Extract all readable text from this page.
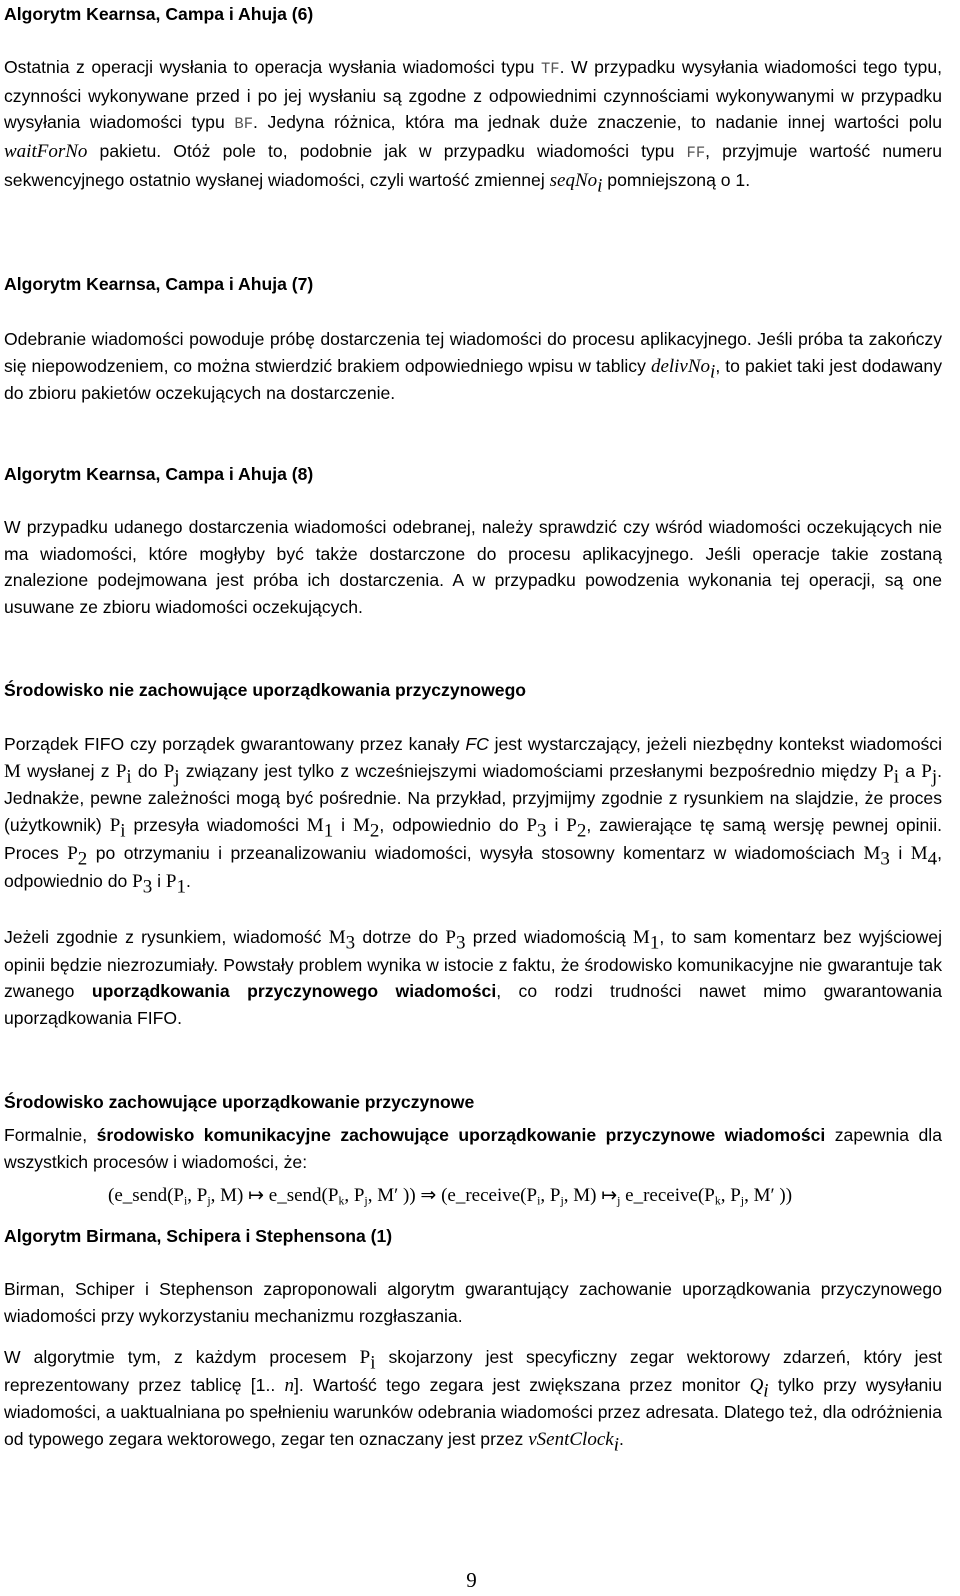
Algorytm Kearnsa, Campa i Ahuja (6)

Ostatnia z operacji wysłania to operacja wysłania wiadomości typu TF. W przypadku wysyłania wiadomości tego typu, czynności wykonywane przed i po jej wysłaniu są zgodne z odpowiednimi czynnościami wykonywanymi w przypadku wysyłania wiadomości typu BF. Jedyna różnica, która ma jednak duże znaczenie, to nadanie innej wartości polu waitForNo pakietu. Otóż pole to, podobnie jak w przypadku wiadomości typu FF, przyjmuje wartość numeru sekwencyjnego ostatnio wysłanej wiadomości, czyli wartość zmiennej seqNo$_i$ pomniejszoną o 1.

Algorytm Kearnsa, Campa i Ahuja (7)

Odebranie wiadomości powoduje próbę dostarczenia tej wiadomości do procesu aplikacyjnego. Jeśli próba ta zakończy się niepowodzeniem, co można stwierdzić brakiem odpowiedniego wpisu w tablicy delivNo$_i$, to pakiet taki jest dodawany do zbioru pakietów oczekujących na dostarczenie.

Algorytm Kearnsa, Campa i Ahuja (8)

W przypadku udanego dostarczenia wiadomości odebranej, należy sprawdzić czy wśród wiadomości oczekujących nie ma wiadomości, które mogłyby być także dostarczone do procesu aplikacyjnego. Jeśli operacje takie zostaną znalezione podejmowana jest próba ich dostarczenia. A w przypadku powodzenia wykonania tej operacji, są one usuwane ze zbioru wiadomości oczekujących.

Środowisko nie zachowujące uporządkowania przyczynowego

Porządek FIFO czy porządek gwarantowany przez kanały FC jest wystarczający, jeżeli niezbędny kontekst wiadomości M wysłanej z $P_i$ do $P_j$ związany jest tylko z wcześniejszymi wiadomościami przesłanymi bezpośrednio między $P_i$ a $P_j$. Jednakże, pewne zależności mogą być pośrednie. Na przykład, przyjmijmy zgodnie z rysunkiem na slajdzie, że proces (użytkownik) $P_i$ przesyła wiadomości $M_1$ i $M_2$, odpowiednio do $P_3$ i $P_2$, zawierające tę samą wersję pewnej opinii. Proces $P_2$ po otrzymaniu i przeanalizowaniu wiadomości, wysyła stosowny komentarz w wiadomościach $M_3$ i $M_4$, odpowiednio do $P_3$ i $P_1$.

Jeżeli zgodnie z rysunkiem, wiadomość $M_3$ dotrze do $P_3$ przed wiadomością $M_1$, to sam komentarz bez wyjściowej opinii będzie niezrozumiały. Powstały problem wynika w istocie z faktu, że środowisko komunikacyjne nie gwarantuje tak zwanego uporządkowania przyczynowego wiadomości, co rodzi trudności nawet mimo gwarantowania uporządkowania FIFO.

Środowisko zachowujące uporządkowanie przyczynowe

Formalnie, środowisko komunikacyjne zachowujące uporządkowanie przyczynowe wiadomości zapewnia dla wszystkich procesów i wiadomości, że:

($e\_send(P_i$, $P_j$, M) ↦ $e\_send(P_k$, $P_j$, M′ )) ⇒ ($e\_receive(P_i$, $P_j$, M) $↦_j$ $e\_receive(P_k$, $P_j$, M′ ))
Algorytm Birmana, Schipera i Stephensona (1)

Birman, Schiper i Stephenson zaproponowali algorytm gwarantujący zachowanie uporządkowania przyczynowego wiadomości przy wykorzystaniu mechanizmu rozgłaszania.

W algorytmie tym, z każdym procesem $P_i$ skojarzony jest specyficzny zegar wektorowy zdarzeń, który jest reprezentowany przez tablicę [1.. n]. Wartość tego zegara jest zwiększana przez monitor $Q_i$ tylko przy wysyłaniu wiadomości, a uaktualniana po spełnieniu warunków odebrania wiadomości przez adresata. Dlatego też, dla odróżnienia od typowego zegara wektorowego, zegar ten oznaczany jest przez vSentClock$_i$.

9
